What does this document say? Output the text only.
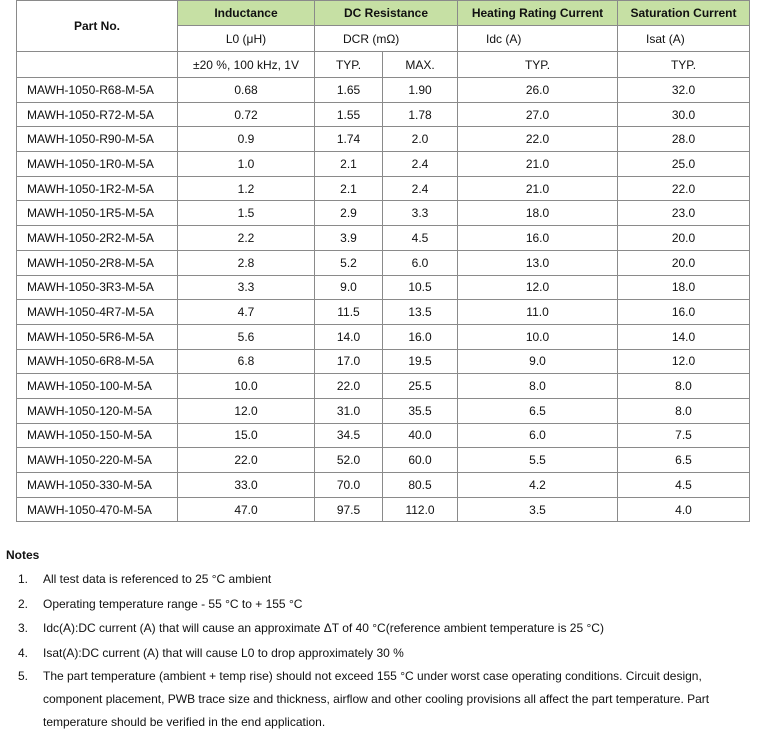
Part No.	Inductance	DC Resistance		Heating Rating Current	Saturation Current
	L0 (μH)	DCR (mΩ)		Idc (A)	Isat (A)
	±20 %, 100 kHz, 1V	TYP.	MAX.	TYP.	TYP.
MAWH-1050-R68-M-5A	0.68	1.65	1.90	26.0	32.0
MAWH-1050-R72-M-5A	0.72	1.55	1.78	27.0	30.0
MAWH-1050-R90-M-5A	0.9	1.74	2.0	22.0	28.0
MAWH-1050-1R0-M-5A	1.0	2.1	2.4	21.0	25.0
MAWH-1050-1R2-M-5A	1.2	2.1	2.4	21.0	22.0
MAWH-1050-1R5-M-5A	1.5	2.9	3.3	18.0	23.0
MAWH-1050-2R2-M-5A	2.2	3.9	4.5	16.0	20.0
MAWH-1050-2R8-M-5A	2.8	5.2	6.0	13.0	20.0
MAWH-1050-3R3-M-5A	3.3	9.0	10.5	12.0	18.0
MAWH-1050-4R7-M-5A	4.7	11.5	13.5	11.0	16.0
MAWH-1050-5R6-M-5A	5.6	14.0	16.0	10.0	14.0
MAWH-1050-6R8-M-5A	6.8	17.0	19.5	9.0	12.0
MAWH-1050-100-M-5A	10.0	22.0	25.5	8.0	8.0
MAWH-1050-120-M-5A	12.0	31.0	35.5	6.5	8.0
MAWH-1050-150-M-5A	15.0	34.5	40.0	6.0	7.5
MAWH-1050-220-M-5A	22.0	52.0	60.0	5.5	6.5
MAWH-1050-330-M-5A	33.0	70.0	80.5	4.2	4.5
MAWH-1050-470-M-5A	47.0	97.5	112.0	3.5	4.0
Notes
1. All test data is referenced to 25 °C ambient
2. Operating temperature range - 55 °C to + 155 °C
3. Idc(A):DC current (A) that will cause an approximate ΔT of 40 °C(reference ambient temperature is 25 °C)
4. Isat(A):DC current (A) that will cause L0 to drop approximately 30 %
5. The part temperature (ambient + temp rise) should not exceed 155 °C under worst case operating conditions. Circuit design, component placement, PWB trace size and thickness, airflow and other cooling provisions all affect the part temperature. Part temperature should be verified in the end application.
